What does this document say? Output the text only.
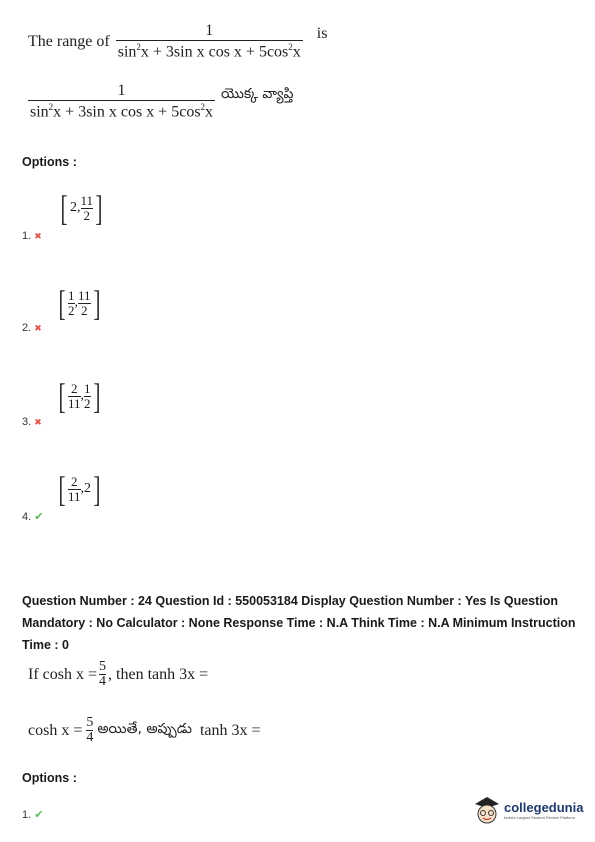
The range of $\frac{1}{\sin^2x + 3\sin x \cos x + 5\cos^2x}$ is
$\frac{1}{\sin^2x + 3\sin x \cos x + 5\cos^2x}$ యొక్క వ్యాప్తి
Options :
[ 2, 11
2 ]
1. ✖
[ 1
2 , 11
2 ]
2. ✖
[ 2
11 , 1
2 ]
3. ✖
[ 2
11 , 2 ]
4. ✔
Question Number : 24 Question Id : 550053184 Display Question Number : Yes Is Question
Mandatory : No Calculator : None Response Time : N.A Think Time : N.A Minimum Instruction
Time : 0
If $\cosh x = \frac{5}{4}$ , then tanh 3x =
$\cosh x = \frac{5}{4}$ అయితే, అప్పుడు tanh 3x =
Options :
1. ✔	collegedunia
India's Largest Student Review Platform
